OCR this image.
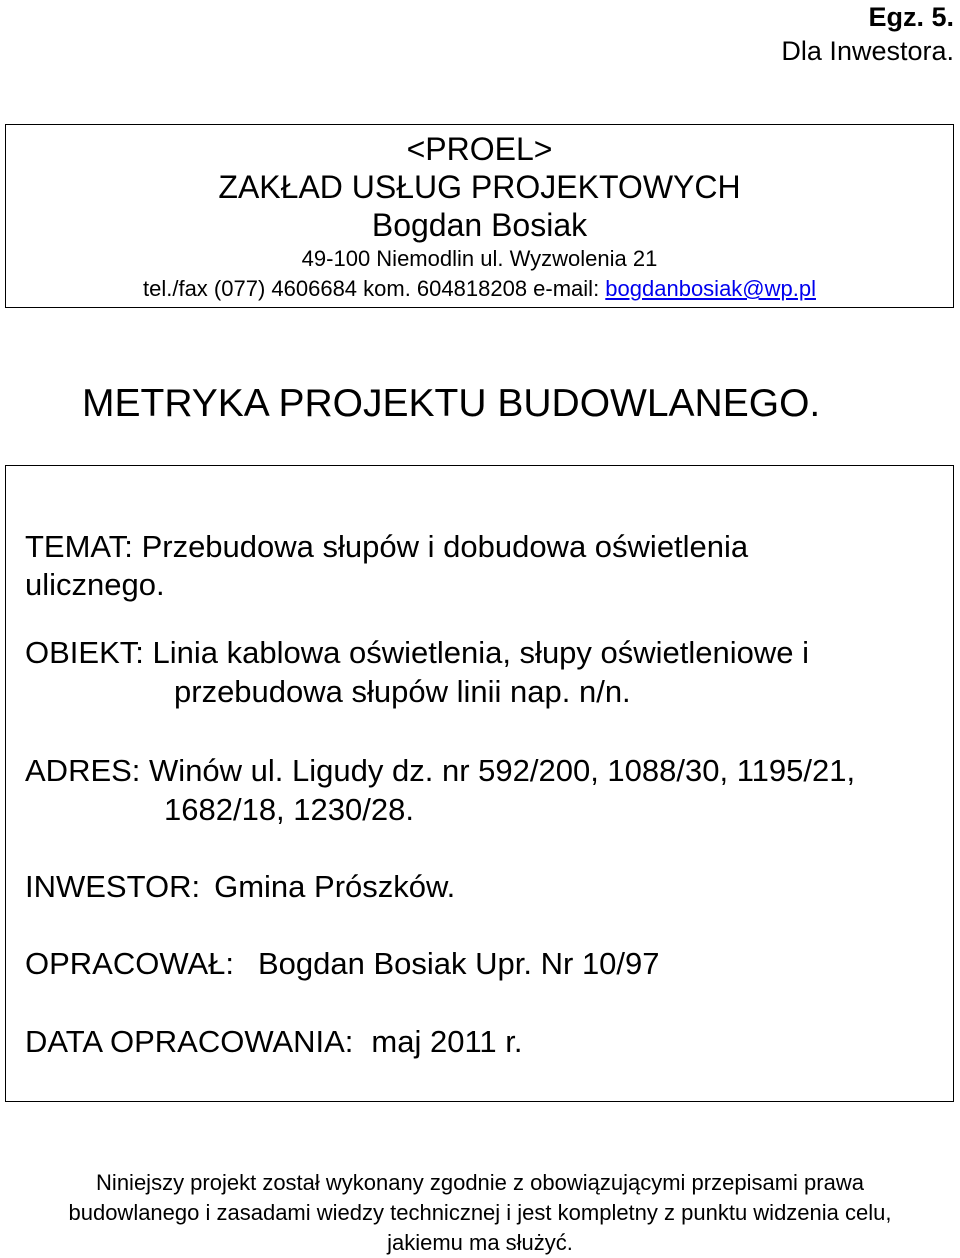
Egz. 5.
Dla Inwestora.
<PROEL>
ZAKŁAD USŁUG PROJEKTOWYCH
Bogdan Bosiak
49-100 Niemodlin ul. Wyzwolenia 21
tel./fax (077) 4606684 kom. 604818208 e-mail: bogdanbosiak@wp.pl
METRYKA PROJEKTU BUDOWLANEGO.
TEMAT: Przebudowa słupów i dobudowa oświetlenia
ulicznego.
OBIEKT: Linia kablowa oświetlenia, słupy oświetleniowe i
przebudowa słupów linii nap. n/n.
ADRES: Winów ul. Ligudy dz. nr 592/200, 1088/30, 1195/21,
1682/18, 1230/28.
INWESTOR: Gmina Prószków.
OPRACOWAŁ: Bogdan Bosiak Upr. Nr 10/97
DATA OPRACOWANIA: maj 2011 r.
Niniejszy projekt został wykonany zgodnie z obowiązującymi przepisami prawa budowlanego i zasadami wiedzy technicznej i jest kompletny z punktu widzenia celu, jakiemu ma służyć.
